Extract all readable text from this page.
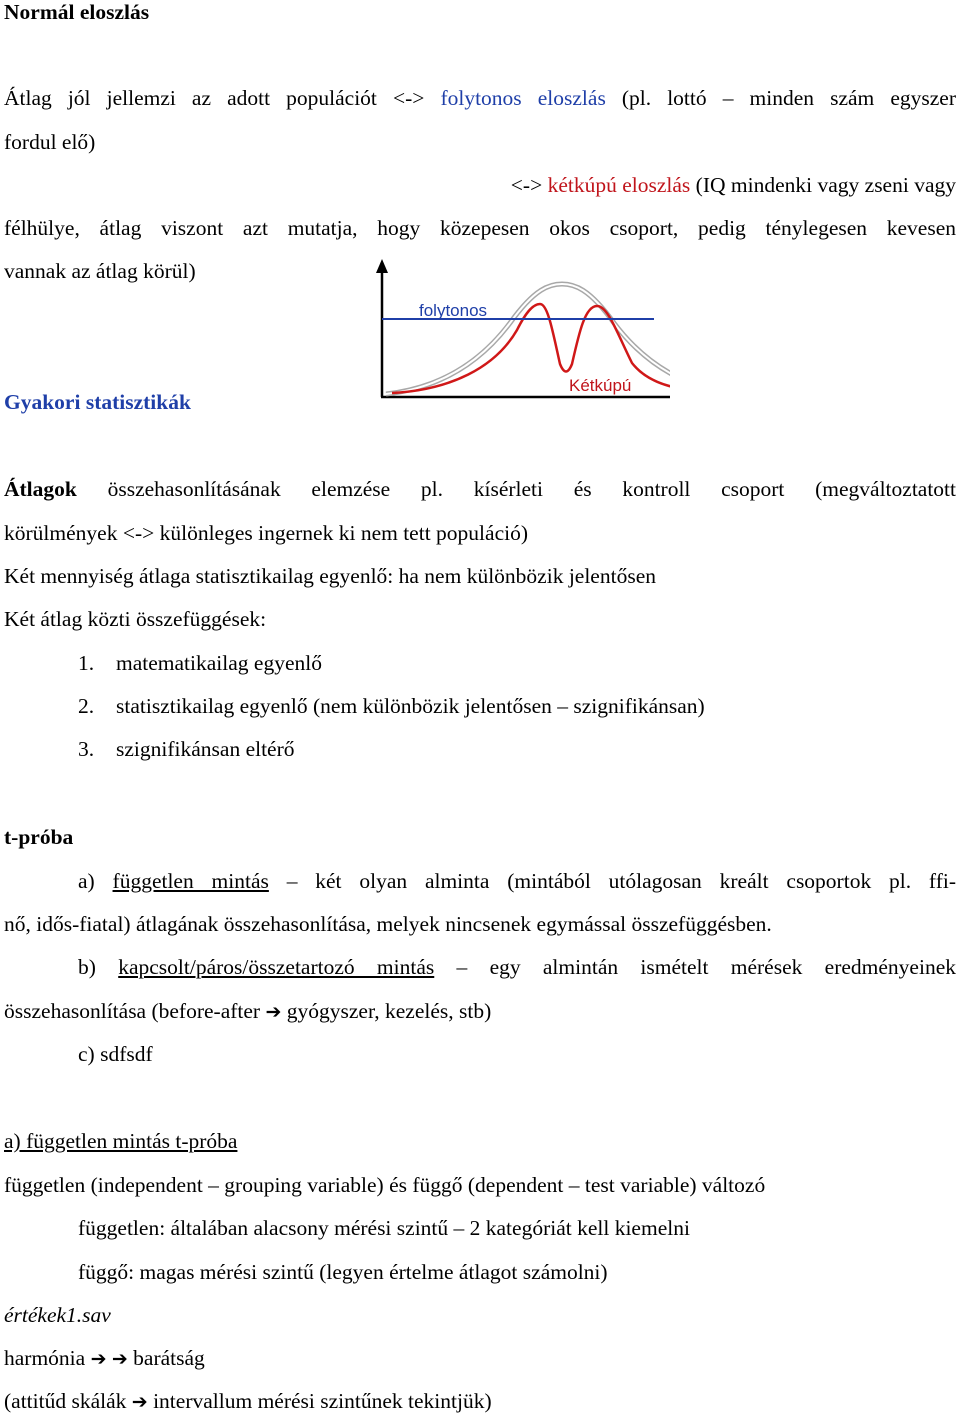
Normál eloszlás

Átlag jól jellemzi az adott populációt <-> folytonos eloszlás (pl. lottó – minden szám egyszer

fordul elő)

<-> kétkúpú eloszlás (IQ mindenki vagy zseni vagy

félhülye, átlag viszont azt mutatja, hogy közepesen okos csoport, pedig ténylegesen kevesen

vannak az átlag körül)

folytonos
Kétkúpú

Gyakori statisztikák

Átlagok összehasonlításának elemzése pl. kísérleti és kontroll csoport (megváltoztatott

körülmények <-> különleges ingernek ki nem tett populáció)

Két mennyiség átlaga statisztikailag egyenlő: ha nem különbözik jelentősen

Két átlag közti összefüggések:

1. matematikailag egyenlő

2. statisztikailag egyenlő (nem különbözik jelentősen – szignifikánsan)

3. szignifikánsan eltérő

t-próba

a) független mintás – két olyan alminta (mintából utólagosan kreált csoportok pl. ffi-

nő, idős-fiatal) átlagának összehasonlítása, melyek nincsenek egymással összefüggésben.

b) kapcsolt/páros/összetartozó mintás – egy almintán ismételt mérések eredményeinek

összehasonlítása (before-after ➔ gyógyszer, kezelés, stb)

c) sdfsdf

a) független mintás t-próba

független (independent – grouping variable) és függő (dependent – test variable) változó

független: általában alacsony mérési szintű – 2 kategóriát kell kiemelni

függő: magas mérési szintű (legyen értelme átlagot számolni)

értékek1.sav

harmónia ➔ ➔ barátság

(attitűd skálák ➔ intervallum mérési szintűnek tekintjük)
